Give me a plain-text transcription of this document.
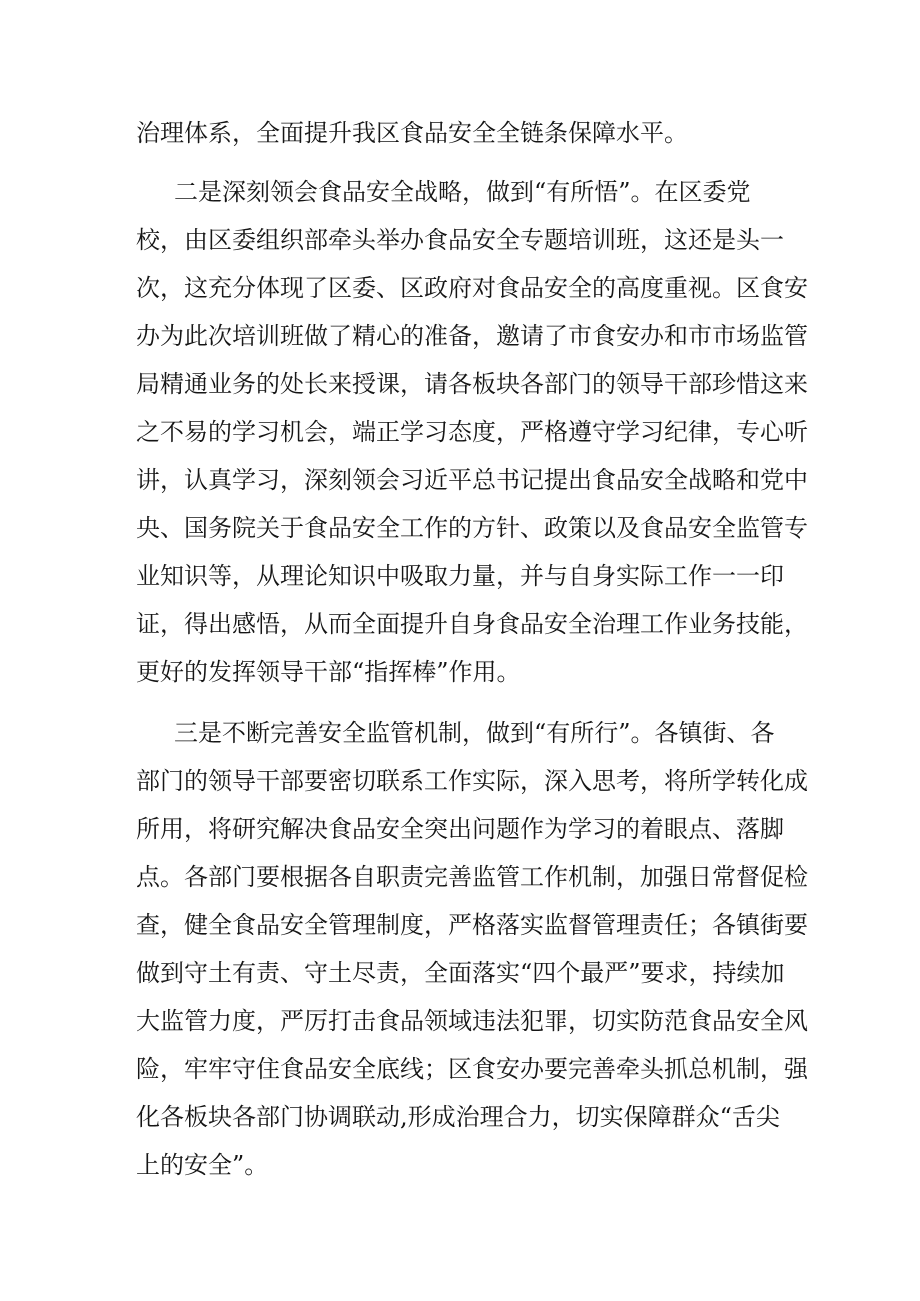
治理体系，全面提升我区食品安全全链条保障水平。

二是深刻领会食品安全战略，做到“有所悟”。在区委党

校，由区委组织部牵头举办食品安全专题培训班，这还是头一

次，这充分体现了区委、区政府对食品安全的高度重视。区食安

办为此次培训班做了精心的准备，邀请了市食安办和市市场监管

局精通业务的处长来授课，请各板块各部门的领导干部珍惜这来

之不易的学习机会，端正学习态度，严格遵守学习纪律，专心听

讲，认真学习，深刻领会习近平总书记提出食品安全战略和党中

央、国务院关于食品安全工作的方针、政策以及食品安全监管专

业知识等，从理论知识中吸取力量，并与自身实际工作一一印

证，得出感悟，从而全面提升自身食品安全治理工作业务技能，

更好的发挥领导干部“指挥棒”作用。

三是不断完善安全监管机制，做到“有所行”。各镇街、各

部门的领导干部要密切联系工作实际，深入思考，将所学转化成

所用，将研究解决食品安全突出问题作为学习的着眼点、落脚

点。各部门要根据各自职责完善监管工作机制，加强日常督促检

查，健全食品安全管理制度，严格落实监督管理责任；各镇街要

做到守土有责、守土尽责，全面落实“四个最严”要求，持续加

大监管力度，严厉打击食品领域违法犯罪，切实防范食品安全风

险，牢牢守住食品安全底线；区食安办要完善牵头抓总机制，强

化各板块各部门协调联动,形成治理合力，切实保障群众“舌尖

上的安全”。
